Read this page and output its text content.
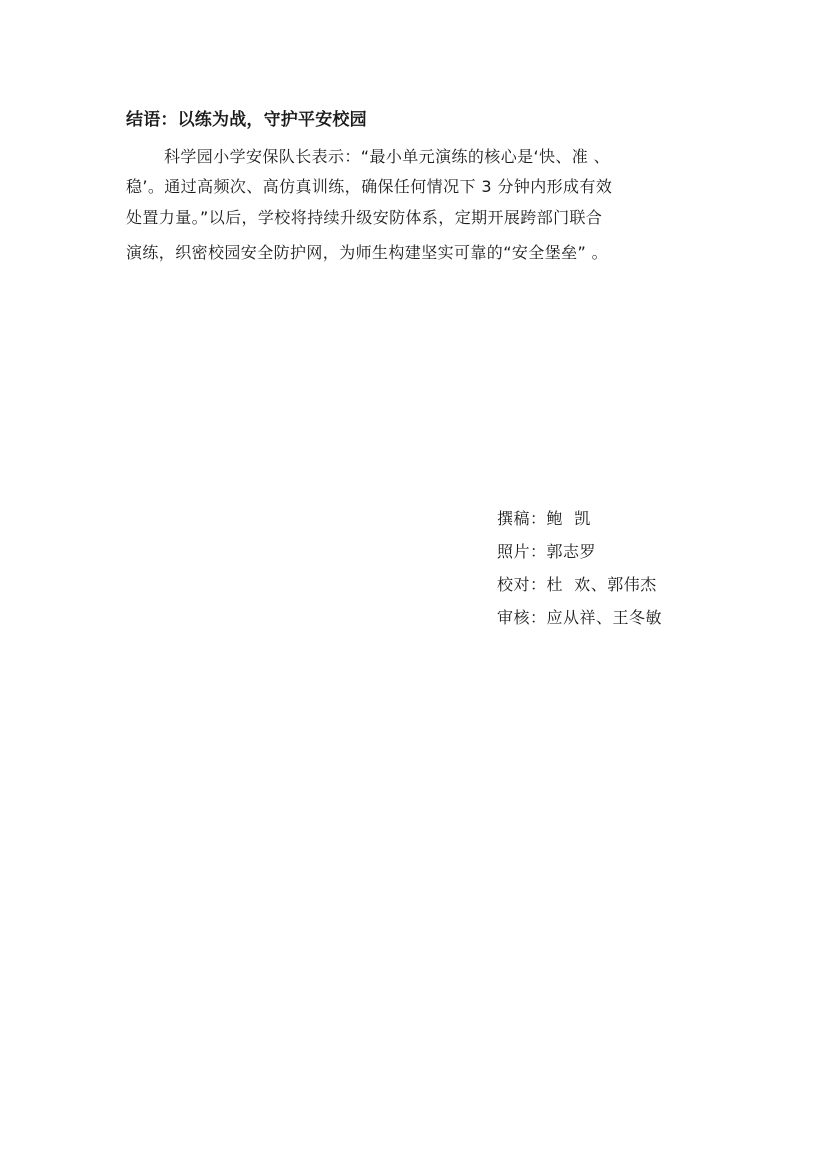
结语：以练为战，守护平安校园
科学园小学安保队长表示：“最小单元演练的核心是‘快、准 、
稳’。通过高频次、高仿真训练，确保任何情况下 3 分钟内形成有效
处置力量。”以后，学校将持续升级安防体系，定期开展跨部门联合
演练，织密校园安全防护网，为师生构建坚实可靠的“安全堡垒” 。
撰稿： 鲍  凯
照片： 郭志罗
校对： 杜  欢、郭伟杰
审核： 应从祥、王冬敏
